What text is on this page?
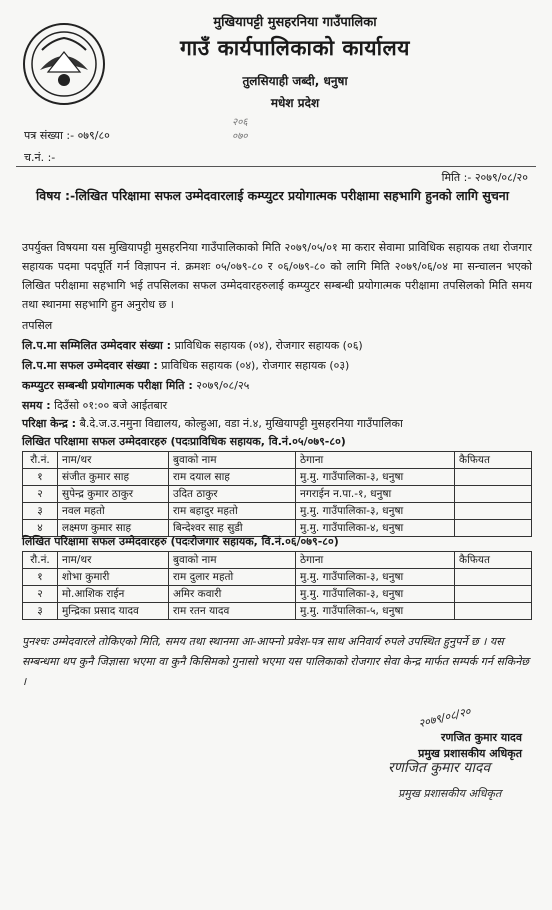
मुखियापट्टी मुसहरनिया गाउँपालिका
गाउँ कार्यपालिकाको कार्यालय
तुलसियाही जब्दी, धनुषा
मधेश प्रदेश
२०६
०७०
पत्र संख्या :- ०७९/८०
च.नं. :-
मिति :- २०७९/०८/२०
विषय :-लिखित परिक्षामा सफल उम्मेदवारलाई कम्प्युटर प्रयोगात्मक परीक्षामा सहभागि हुनको लागि सुचना
उपर्युक्त विषयमा यस मुखियापट्टी मुसहरनिया गाउँपालिकाको मिति २०७९/०५/०१ मा करार सेवामा प्राविधिक सहायक तथा रोजगार सहायक पदमा पदपूर्ति गर्न विज्ञापन नं. क्रमशः ०५/०७९-८० र ०६/०७९-८० को लागि मिति २०७९/०६/०४ मा सन्चालन भएको लिखित परीक्षामा सहभागि भई तपसिलका सफल उम्मेदवारहरुलाई कम्प्युटर सम्बन्धी प्रयोगात्मक परीक्षामा तपसिलको मिति समय तथा स्थानमा सहभागि हुन अनुरोध छ ।
तपसिल
लि.प.मा सम्मिलित उम्मेदवार संख्या : प्राविधिक सहायक (०४), रोजगार सहायक (०६)
लि.प.मा सफल उम्मेदवार संख्या : प्राविधिक सहायक (०४), रोजगार सहायक (०३)
कम्प्युटर सम्बन्धी प्रयोगात्मक परीक्षा मिति : २०७९/०८/२५
समय : दिउँसो ०१:०० बजे आईतबार
परिक्षा केन्द्र : बै.दे.ज.उ.नमुना विद्यालय, कोल्हुआ, वडा नं.४, मुखियापट्टी मुसहरनिया गाउँपालिका
लिखित परिक्षामा सफल उम्मेदवारहरु (पदःप्राविधिक सहायक, वि.नं.०५/०७९-८०)
रौ.नं.	नाम/थर	बुवाको नाम	ठेगाना	कैफियत
१	संजीत कुमार साह	राम दयाल साह	मु.मु. गाउँपालिका-३, धनुषा	
२	सुपेन्द्र कुमार ठाकुर	उदित ठाकुर	नगराईन न.पा.-१, धनुषा	
३	नवल महतो	राम बहादुर महतो	मु.मु. गाउँपालिका-३, धनुषा	
४	लक्ष्मण कुमार साह	बिन्देश्वर साह सुडी	मु.मु. गाउँपालिका-४, धनुषा	
लिखित परिक्षामा सफल उम्मेदवारहरु (पदःरोजगार सहायक, वि.नं.०६/०७९-८०)
रौ.नं.	नाम/थर	बुवाको नाम	ठेगाना	कैफियत
१	शोभा कुमारी	राम दुलार महतो	मु.मु. गाउँपालिका-३, धनुषा	
२	मो.आशिक राईन	अमिर कवारी	मु.मु. गाउँपालिका-३, धनुषा	
३	मुन्द्रिका प्रसाद यादव	राम रतन यादव	मु.मु. गाउँपालिका-५, धनुषा	
पुनश्चः उम्मेदवारले तोकिएको मिति, समय तथा स्थानमा आ-आफ्नो प्रवेश-पत्र साथ अनिवार्य रुपले उपस्थित हुनुपर्ने छ । यस सम्बन्धमा थप कुनै जिज्ञासा भएमा वा कुनै किसिमको गुनासो भएमा यस पालिकाको रोजगार सेवा केन्द्र मार्फत सम्पर्क गर्न सकिनेछ ।
२०७९/०८/२०
रणजित कुमार यादव
प्रमुख प्रशासकीय अधिकृत
रणजित कुमार यादव
प्रमुख प्रशासकीय अधिकृत
